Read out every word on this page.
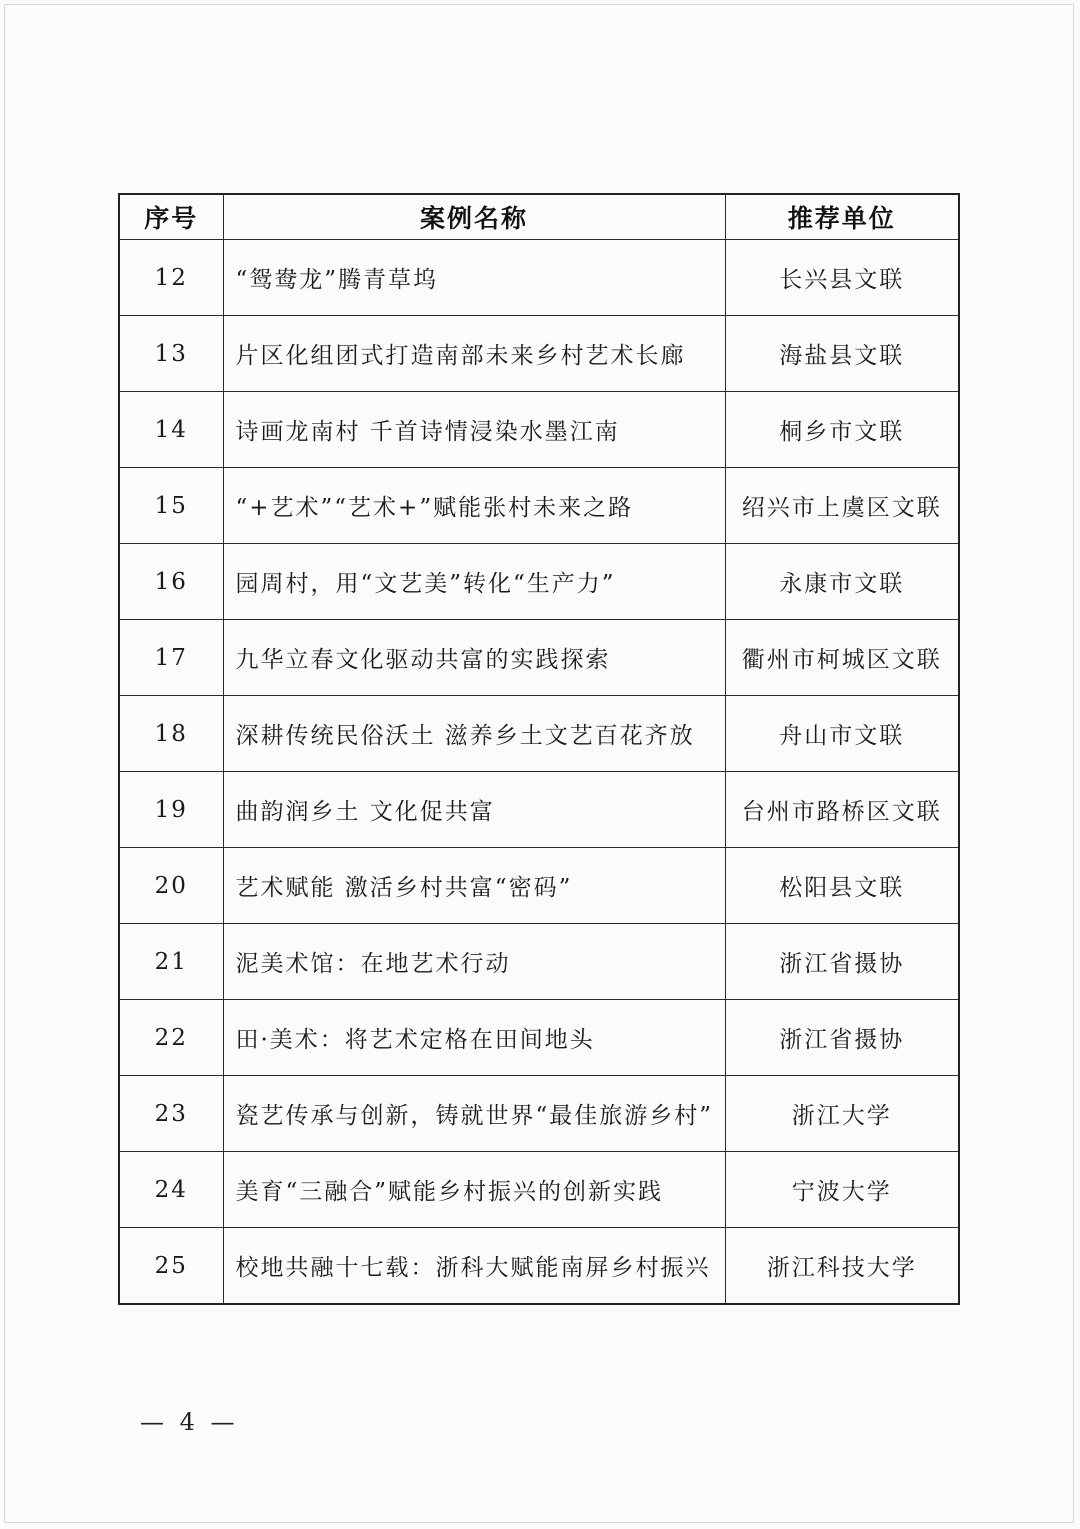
序号	案例名称	推荐单位
12	“鸳鸯龙”腾青草坞	长兴县文联
13	片区化组团式打造南部未来乡村艺术长廊	海盐县文联
14	诗画龙南村 千首诗情浸染水墨江南	桐乡市文联
15	“+艺术”“艺术+”赋能张村未来之路	绍兴市上虞区文联
16	园周村，用“文艺美”转化“生产力”	永康市文联
17	九华立春文化驱动共富的实践探索	衢州市柯城区文联
18	深耕传统民俗沃土 滋养乡土文艺百花齐放	舟山市文联
19	曲韵润乡土 文化促共富	台州市路桥区文联
20	艺术赋能 激活乡村共富“密码”	松阳县文联
21	泥美术馆：在地艺术行动	浙江省摄协
22	田·美术：将艺术定格在田间地头	浙江省摄协
23	瓷艺传承与创新，铸就世界“最佳旅游乡村”	浙江大学
24	美育“三融合”赋能乡村振兴的创新实践	宁波大学
25	校地共融十七载：浙科大赋能南屏乡村振兴	浙江科技大学
— 4 —
